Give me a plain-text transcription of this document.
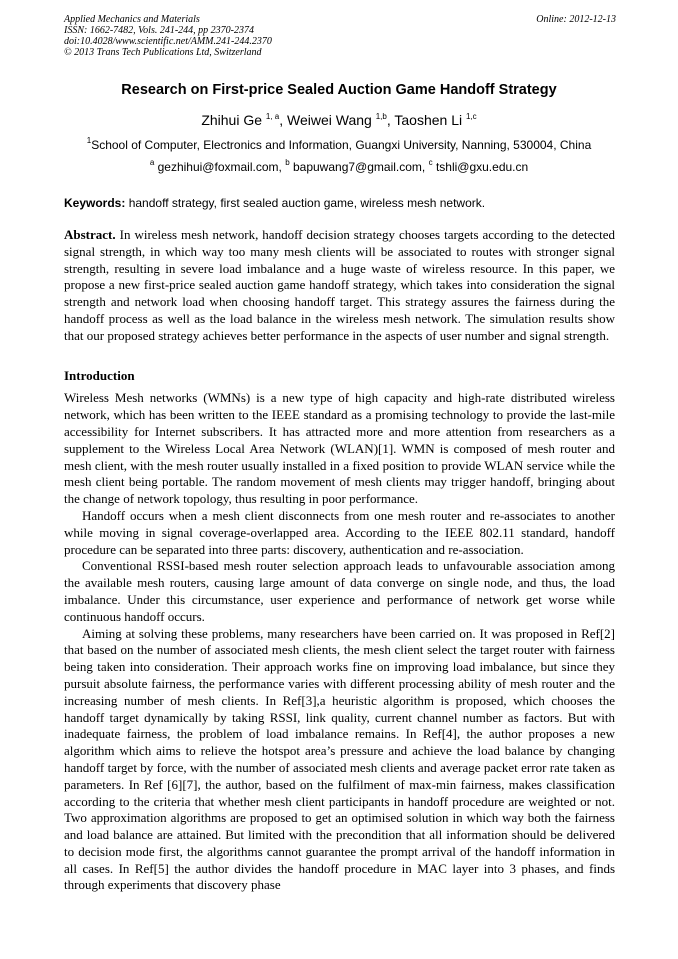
Applied Mechanics and Materials
ISSN: 1662-7482, Vols. 241-244, pp 2370-2374
doi:10.4028/www.scientific.net/AMM.241-244.2370
© 2013 Trans Tech Publications Ltd, Switzerland
Online: 2012-12-13
Research on First-price Sealed Auction Game Handoff Strategy
Zhihui Ge $^{1, a}$, Weiwei Wang $^{1,b}$, Taoshen Li $^{1,c}$
$^1$School of Computer, Electronics and Information, Guangxi University, Nanning, 530004, China
$^a$ gezhihui@foxmail.com, $^b$ bapuwang7@gmail.com, $^c$ tshli@gxu.edu.cn
Keywords: handoff strategy, first sealed auction game, wireless mesh network.

Abstract. In wireless mesh network, handoff decision strategy chooses targets according to the detected signal strength, in which way too many mesh clients will be associated to routes with stronger signal strength, resulting in severe load imbalance and a huge waste of wireless resource. In this paper, we propose a new first-price sealed auction game handoff strategy, which takes into consideration the signal strength and network load when choosing handoff target. This strategy assures the fairness during the handoff process as well as the load balance in the wireless mesh network. The simulation results show that our proposed strategy achieves better performance in the aspects of user number and signal strength.

Introduction

Wireless Mesh networks (WMNs) is a new type of high capacity and high-rate distributed wireless network, which has been written to the IEEE standard as a promising technology to provide the last-mile accessibility for Internet subscribers. It has attracted more and more attention from researchers as a supplement to the Wireless Local Area Network (WLAN)[1]. WMN is composed of mesh router and mesh client, with the mesh router usually installed in a fixed position to provide WLAN service while the mesh client being portable. The random movement of mesh clients may trigger handoff, bringing about the change of network topology, thus resulting in poor performance.

Handoff occurs when a mesh client disconnects from one mesh router and re-associates to another while moving in signal coverage-overlapped area. According to the IEEE 802.11 standard, handoff procedure can be separated into three parts: discovery, authentication and re-association.

Conventional RSSI-based mesh router selection approach leads to unfavourable association among the available mesh routers, causing large amount of data converge on single node, and thus, the load imbalance. Under this circumstance, user experience and performance of network get worse while continuous handoff occurs.

Aiming at solving these problems, many researchers have been carried on. It was proposed in Ref[2] that based on the number of associated mesh clients, the mesh client select the target router with fairness being taken into consideration. Their approach works fine on improving load imbalance, but since they pursuit absolute fairness, the performance varies with different processing ability of mesh router and the increasing number of mesh clients. In Ref[3],a heuristic algorithm is proposed, which chooses the handoff target dynamically by taking RSSI, link quality, current channel number as factors. But with inadequate fairness, the problem of load imbalance remains. In Ref[4], the author proposes a new algorithm which aims to relieve the hotspot area’s pressure and achieve the load balance by changing handoff target by force, with the number of associated mesh clients and average packet error rate taken as parameters. In Ref [6][7], the author, based on the fulfilment of max-min fairness, makes classification according to the criteria that whether mesh client participants in handoff procedure are weighted or not. Two approximation algorithms are proposed to get an optimised solution in which way both the fairness and load balance are attained. But limited with the precondition that all information should be delivered to decision mode first, the algorithms cannot guarantee the prompt arrival of the handoff information in all cases. In Ref[5] the author divides the handoff procedure in MAC layer into 3 phases, and finds through experiments that discovery phase
